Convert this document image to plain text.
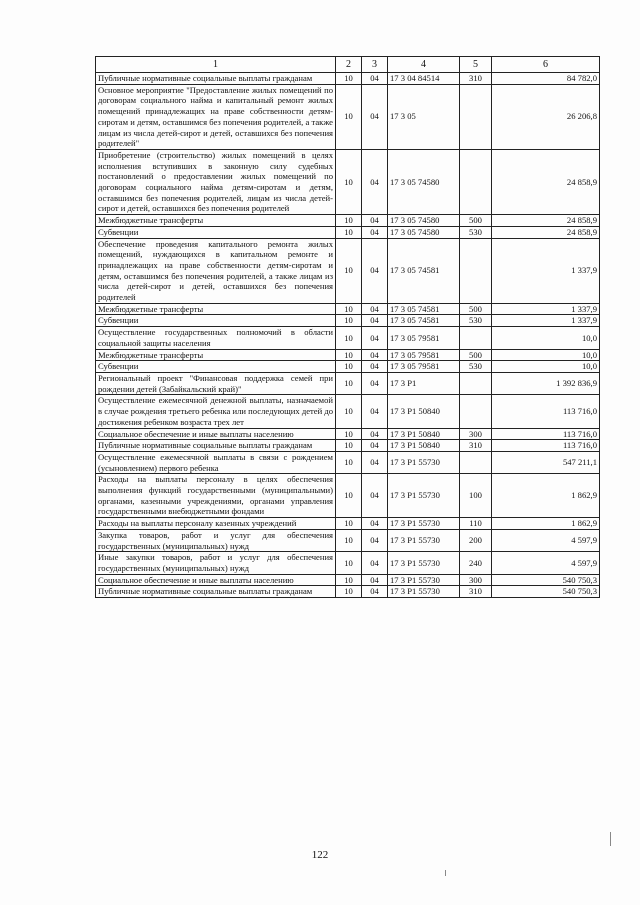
1	2	3	4	5	6
Публичные нормативные социальные выплаты гражданам	10	04	17 3 04 84514	310	84 782,0
Основное мероприятие "Предоставление жилых помещений по договорам социального найма и капитальный ремонт жилых помещений принадлежащих на праве собственности детям-сиротам и детям, оставшимся без попечения родителей, а также лицам из числа детей-сирот и детей, оставшихся без попечения родителей"	10	04	17 3 05		26 206,8
Приобретение (строительство) жилых помещений в целях исполнения вступивших в законную силу судебных постановлений о предоставлении жилых помещений по договорам социального найма детям-сиротам и детям, оставшимся без попечения родителей, лицам из числа детей-сирот и детей, оставшихся без попечения родителей	10	04	17 3 05 74580		24 858,9
Межбюджетные трансферты	10	04	17 3 05 74580	500	24 858,9
Субвенции	10	04	17 3 05 74580	530	24 858,9
Обеспечение проведения капитального ремонта жилых помещений, нуждающихся в капитальном ремонте и принадлежащих на праве собственности детям-сиротам и детям, оставшимся без попечения родителей, а также лицам из числа детей-сирот и детей, оставшихся без попечения родителей	10	04	17 3 05 74581		1 337,9
Межбюджетные трансферты	10	04	17 3 05 74581	500	1 337,9
Субвенции	10	04	17 3 05 74581	530	1 337,9
Осуществление государственных полномочий в области социальной защиты населения	10	04	17 3 05 79581		10,0
Межбюджетные трансферты	10	04	17 3 05 79581	500	10,0
Субвенции	10	04	17 3 05 79581	530	10,0
Региональный проект "Финансовая поддержка семей при рождении детей (Забайкальский край)"	10	04	17 3 P1		1 392 836,9
Осуществление ежемесячной денежной выплаты, назначаемой в случае рождения третьего ребенка или последующих детей до достижения ребенком возраста трех лет	10	04	17 3 P1 50840		113 716,0
Социальное обеспечение и иные выплаты населению	10	04	17 3 P1 50840	300	113 716,0
Публичные нормативные социальные выплаты гражданам	10	04	17 3 P1 50840	310	113 716,0
Осуществление ежемесячной выплаты в связи с рождением (усыновлением) первого ребенка	10	04	17 3 P1 55730		547 211,1
Расходы на выплаты персоналу в целях обеспечения выполнения функций государственными (муниципальными) органами, казенными учреждениями, органами управления государственными внебюджетными фондами	10	04	17 3 P1 55730	100	1 862,9
Расходы на выплаты персоналу казенных учреждений	10	04	17 3 P1 55730	110	1 862,9
Закупка товаров, работ и услуг для обеспечения государственных (муниципальных) нужд	10	04	17 3 P1 55730	200	4 597,9
Иные закупки товаров, работ и услуг для обеспечения государственных (муниципальных) нужд	10	04	17 3 P1 55730	240	4 597,9
Социальное обеспечение и иные выплаты населению	10	04	17 3 P1 55730	300	540 750,3
Публичные нормативные социальные выплаты гражданам	10	04	17 3 P1 55730	310	540 750,3
122
